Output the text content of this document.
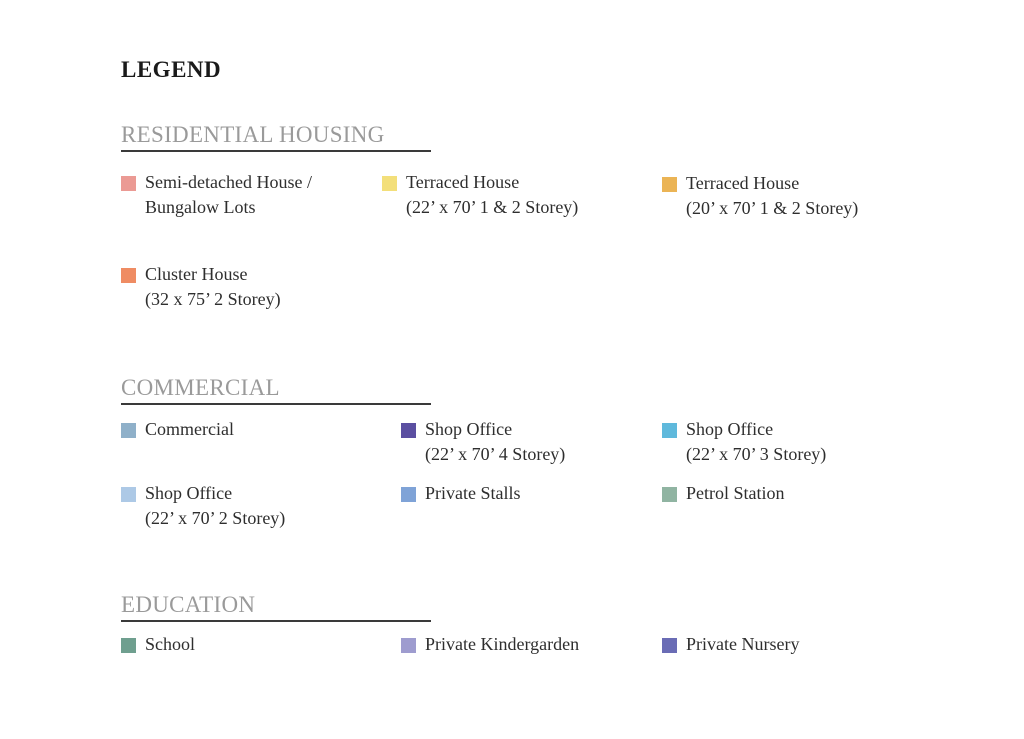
LEGEND
RESIDENTIAL HOUSING
Semi-detached House /
Bungalow Lots
Terraced House
(22’ x 70’ 1 & 2 Storey)
Terraced House
(20’ x 70’ 1 & 2 Storey)
Cluster House
(32 x 75’ 2 Storey)
COMMERCIAL
Commercial	Shop Office
(22’ x 70’ 4 Storey)
Shop Office
(22’ x 70’ 3 Storey)
Shop Office
(22’ x 70’ 2 Storey)
Private Stalls	Petrol Station
EDUCATION
School	Private Kindergarden	Private Nursery
